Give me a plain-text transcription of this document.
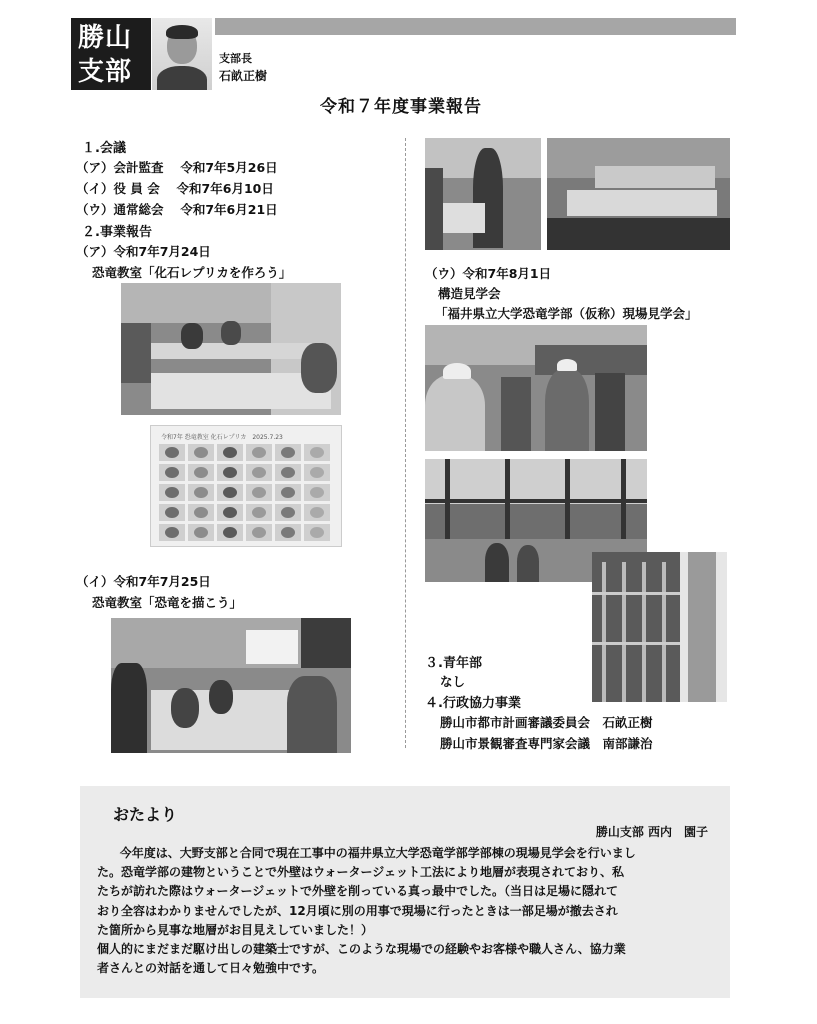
勝山
支部	支部長
石畝正樹
令和７年度事業報告
１.会議
（ア）会計監査　 令和7年5月26日
（イ）役 員 会　 令和7年6月10日
（ウ）通常総会　 令和7年6月21日
２.事業報告
（ア）令和7年7月24日
恐竜教室「化石レプリカを作ろう」
令和7年 恐竜教室 化石レプリカ　2025.7.23
（イ）令和7年7月25日
恐竜教室「恐竜を描こう」
（ウ）令和7年8月1日
構造見学会
「福井県立大学恐竜学部（仮称）現場見学会」
３.青年部
なし
４.行政協力事業
勝山市都市計画審議委員会　石畝正樹
勝山市景観審査専門家会議　南部謙治
おたより
勝山支部 西内　園子

今年度は、大野支部と合同で現在工事中の福井県立大学恐竜学部学部棟の現場見学会を行いまし

た。恐竜学部の建物ということで外壁はウォータージェット工法により地層が表現されており、私

たちが訪れた際はウォータージェットで外壁を削っている真っ最中でした。（当日は足場に隠れて

おり全容はわかりませんでしたが、12月頃に別の用事で現場に行ったときは一部足場が撤去され

た箇所から見事な地層がお目見えしていました！）

個人的にまだまだ駆け出しの建築士ですが、このような現場での経験やお客様や職人さん、協力業

者さんとの対話を通して日々勉強中です。
